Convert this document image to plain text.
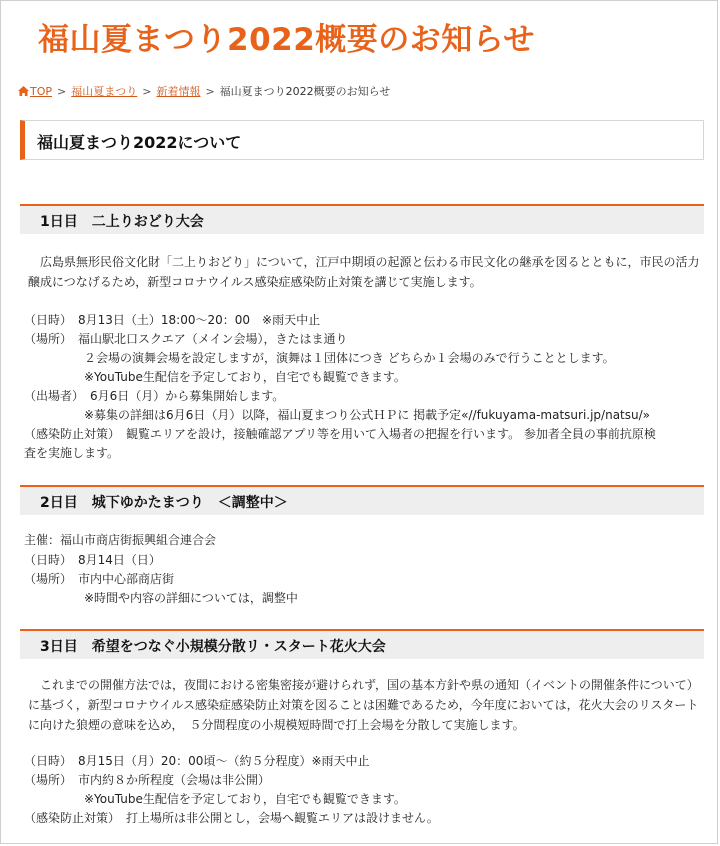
福山夏まつり2022概要のお知らせ
TOP > 福山夏まつり > 新着情報 > 福山夏まつり2022概要のお知らせ
福山夏まつり2022について
1日目　二上りおどり大会
　広島県無形民俗文化財「二上りおどり」について，江戸中期頃の起源と伝わる市民文化の継承を図るとともに，市民の活力醸成につなげるため，新型コロナウイルス感染症感染防止対策を講じて実施します。
（日時）　8月13日（土）18:00～20：00　※雨天中止
（場所）　福山駅北口スクエア（メイン会場），きたはま通り
　　　　　２会場の演舞会場を設定しますが，演舞は１団体につき どちらか１会場のみで行うこととします。
　　　　　※YouTube生配信を予定しており，自宅でも観覧できます。
（出場者）　6月6日（月）から募集開始します。
　　　　　※募集の詳細は6月6日（月）以降，福山夏まつり公式ＨＰに 掲載予定«//fukuyama-matsuri.jp/natsu/»
（感染防止対策）　観覧エリアを設け，接触確認アプリ等を用いて入場者の把握を行います。 参加者全員の事前抗原検
査を実施します。
2日目　城下ゆかたまつり　＜調整中＞
主催：福山市商店街振興組合連合会
（日時）　8月14日（日）
（場所）　市内中心部商店街
　　　　　※時間や内容の詳細については，調整中
3日目　希望をつなぐ小規模分散リ・スタート花火大会
　これまでの開催方法では，夜間における密集密接が避けられず，国の基本方針や県の通知（イベントの開催条件について）に基づく，新型コロナウイルス感染症感染防止対策を図ることは困難であるため，今年度においては，花火大会のリスタートに向けた狼煙の意味を込め，　５分間程度の小規模短時間で打上会場を分散して実施します。
（日時）　8月15日（月）20：00頃～（約５分程度）※雨天中止
（場所）　市内約８か所程度（会場は非公開）
　　　　　※YouTube生配信を予定しており，自宅でも観覧できます。
（感染防止対策）　打上場所は非公開とし，会場へ観覧エリアは設けません。
